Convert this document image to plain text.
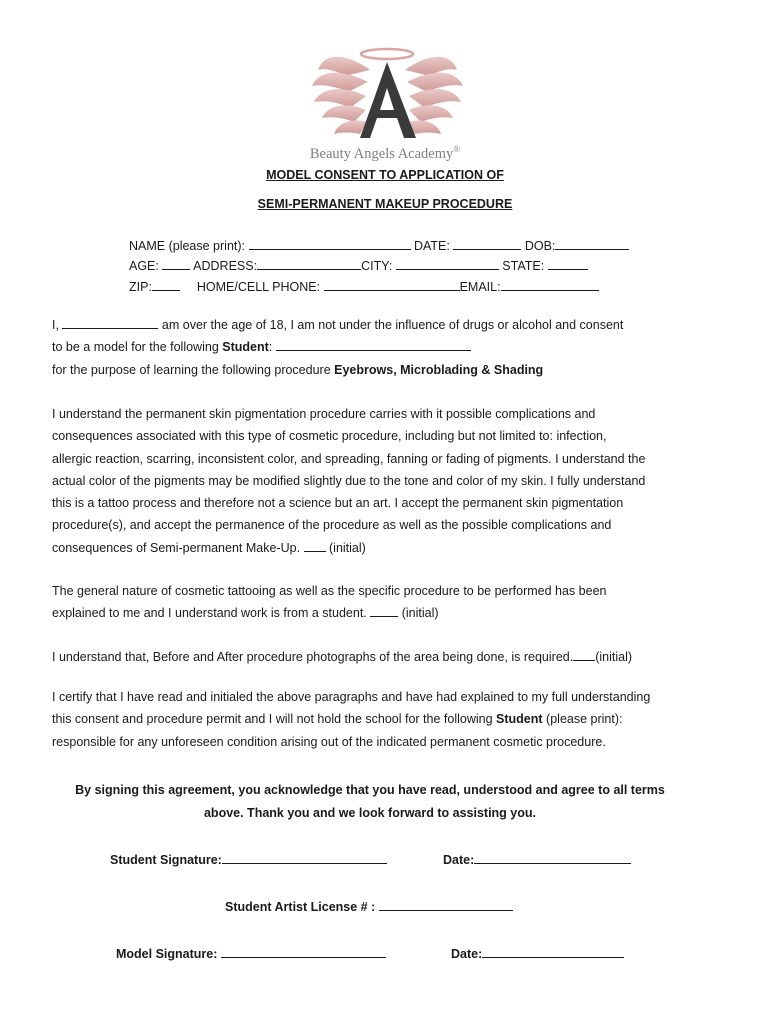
Beauty Angels Academy®
MODEL CONSENT TO APPLICATION OF
SEMI-PERMANENT MAKEUP PROCEDURE
NAME (please print):	DATE:	DOB:
AGE:	ADDRESS:	CITY:	STATE:
ZIP:	HOME/CELL PHONE:	EMAIL:
I,	am over the age of 18, I am not under the influence of drugs or alcohol and consent
to be a model for the following Student:
for the purpose of learning the following procedure Eyebrows, Microblading & Shading
I understand the permanent skin pigmentation procedure carries with it possible complications and
consequences associated with this type of cosmetic procedure, including but not limited to: infection,
allergic reaction, scarring, inconsistent color, and spreading, fanning or fading of pigments. I understand the
actual color of the pigments may be modified slightly due to the tone and color of my skin. I fully understand
this is a tattoo process and therefore not a science but an art. I accept the permanent skin pigmentation
procedure(s), and accept the permanence of the procedure as well as the possible complications and
consequences of Semi-permanent Make-Up. (initial)
The general nature of cosmetic tattooing as well as the specific procedure to be performed has been
explained to me and I understand work is from a student.	(initial)
I understand that, Before and After procedure photographs of the area being done, is required. (initial)
I certify that I have read and initialed the above paragraphs and have had explained to my full understanding
this consent and procedure permit and I will not hold the school for the following Student (please print):
responsible for any unforeseen condition arising out of the indicated permanent cosmetic procedure.
By signing this agreement, you acknowledge that you have read, understood and agree to all terms
above. Thank you and we look forward to assisting you.
Student Signature:	Date:
Student Artist License # :
Model Signature:	Date:
